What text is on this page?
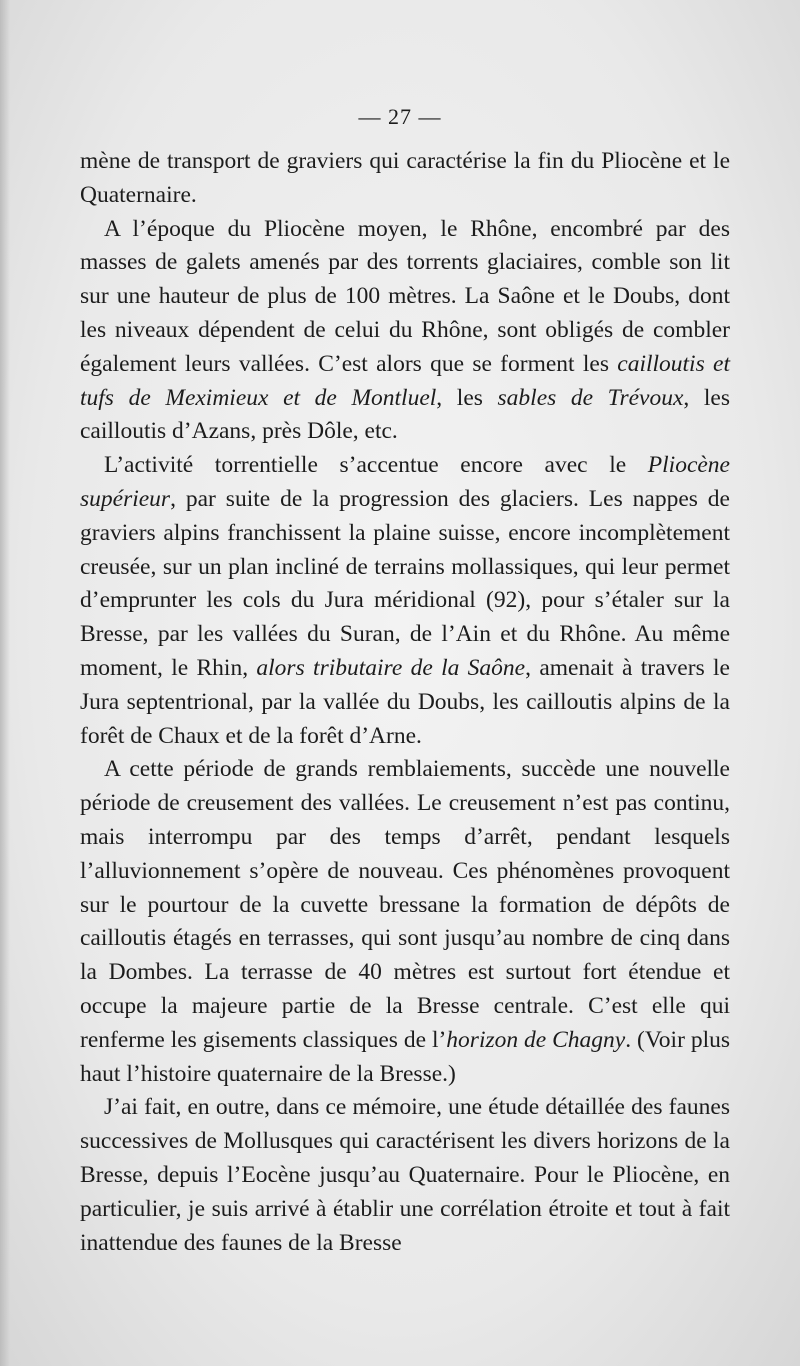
— 27 —

mène de transport de graviers qui caractérise la fin du Pliocène et le Quaternaire.

A l’époque du Pliocène moyen, le Rhône, encombré par des masses de galets amenés par des torrents glaciaires, comble son lit sur une hauteur de plus de 100 mètres. La Saône et le Doubs, dont les niveaux dépendent de celui du Rhône, sont obligés de combler également leurs vallées. C’est alors que se forment les cailloutis et tufs de Meximieux et de Montluel, les sables de Trévoux, les cailloutis d’Azans, près Dôle, etc.

L’activité torrentielle s’accentue encore avec le Pliocène supérieur, par suite de la progression des glaciers. Les nappes de graviers alpins franchissent la plaine suisse, encore incomplètement creusée, sur un plan incliné de terrains mollassiques, qui leur permet d’emprunter les cols du Jura méridional (92), pour s’étaler sur la Bresse, par les vallées du Suran, de l’Ain et du Rhône. Au même moment, le Rhin, alors tributaire de la Saône, amenait à travers le Jura septentrional, par la vallée du Doubs, les cailloutis alpins de la forêt de Chaux et de la forêt d’Arne.

A cette période de grands remblaiements, succède une nouvelle période de creusement des vallées. Le creusement n’est pas continu, mais interrompu par des temps d’arrêt, pendant lesquels l’alluvionnement s’opère de nouveau. Ces phénomènes provoquent sur le pourtour de la cuvette bressane la formation de dépôts de cailloutis étagés en terrasses, qui sont jusqu’au nombre de cinq dans la Dombes. La terrasse de 40 mètres est surtout fort étendue et occupe la majeure partie de la Bresse centrale. C’est elle qui renferme les gisements classiques de l’horizon de Chagny. (Voir plus haut l’histoire quaternaire de la Bresse.)

J’ai fait, en outre, dans ce mémoire, une étude détaillée des faunes successives de Mollusques qui caractérisent les divers horizons de la Bresse, depuis l’Eocène jusqu’au Quaternaire. Pour le Pliocène, en particulier, je suis arrivé à établir une corrélation étroite et tout à fait inattendue des faunes de la Bresse
